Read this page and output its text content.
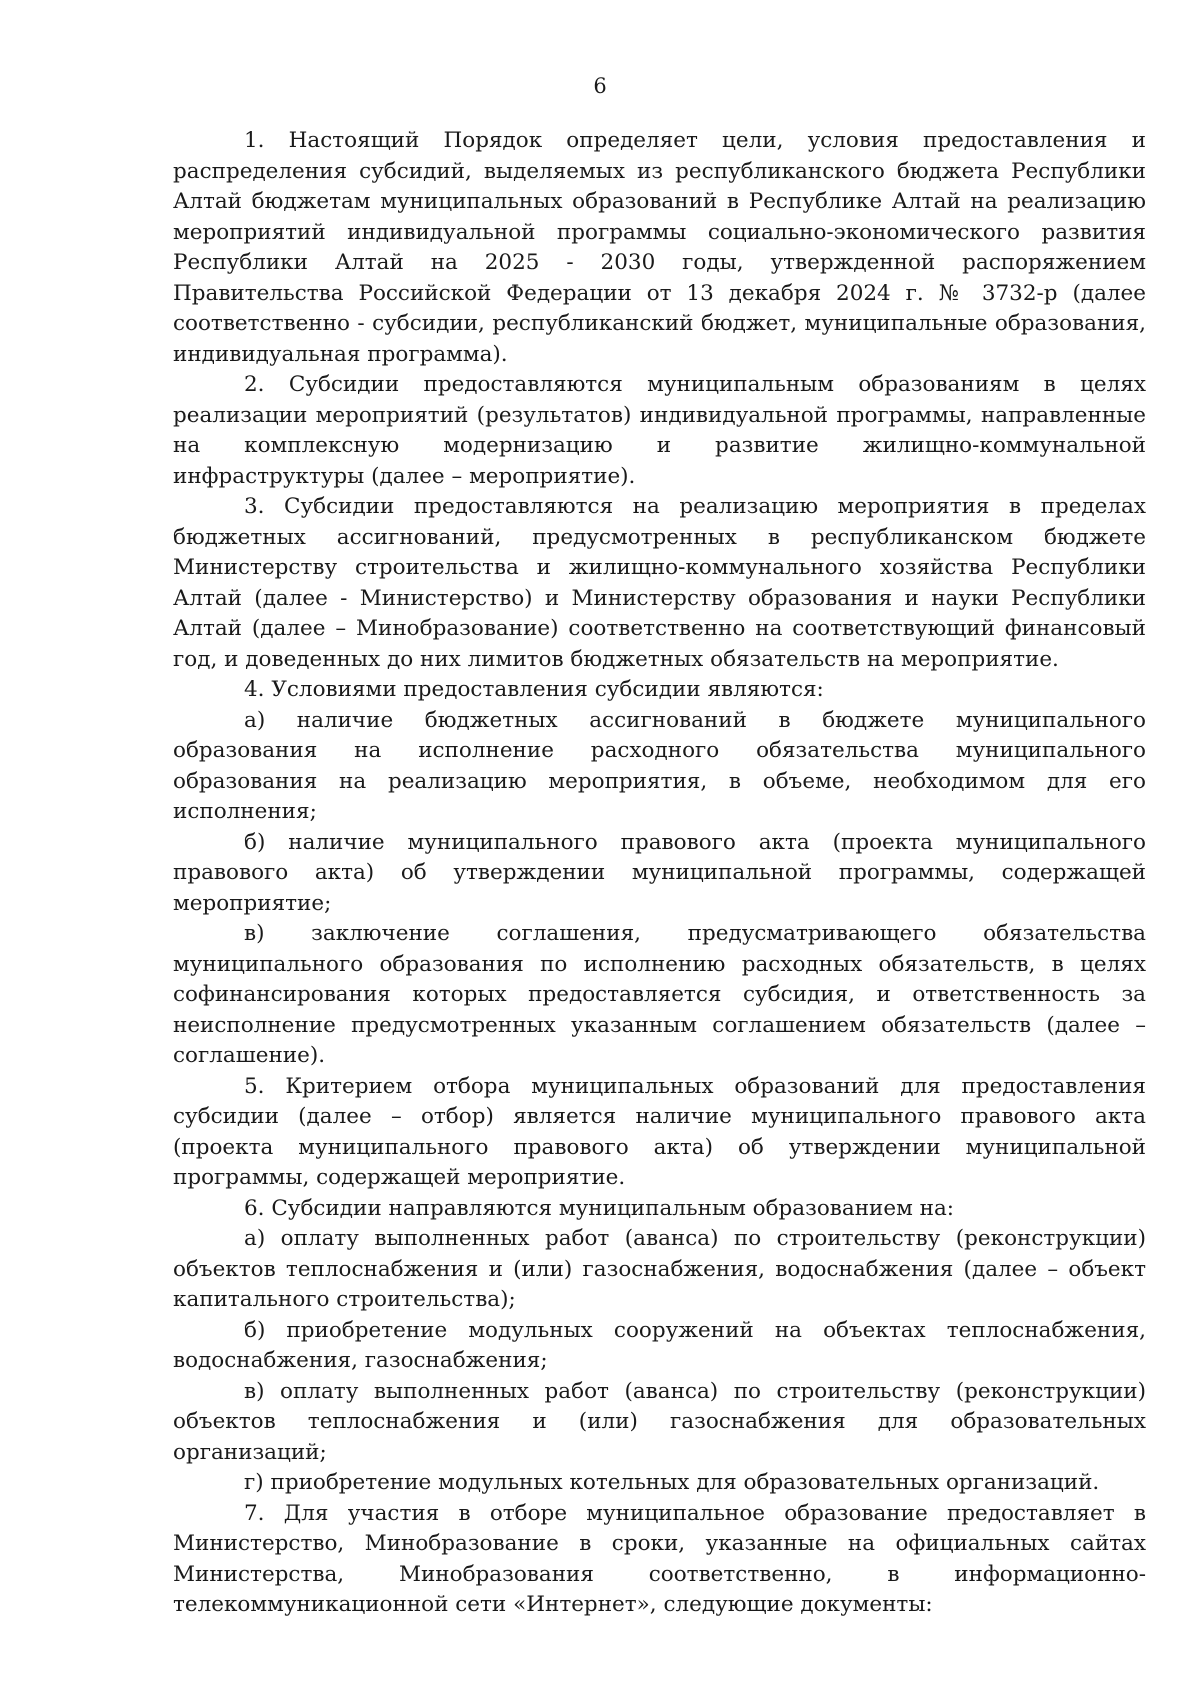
6

1. Настоящий Порядок определяет цели, условия предоставления и распределения субсидий, выделяемых из республиканского бюджета Республики Алтай бюджетам муниципальных образований в Республике Алтай на реализацию мероприятий индивидуальной программы социально-экономического развития Республики Алтай на 2025 - 2030 годы, утвержденной распоряжением Правительства Российской Федерации от 13 декабря 2024 г. № 3732-р (далее соответственно - субсидии, республиканский бюджет, муниципальные образования, индивидуальная программа).

2. Субсидии предоставляются муниципальным образованиям в целях реализации мероприятий (результатов) индивидуальной программы, направленные на комплексную модернизацию и развитие жилищно-коммунальной инфраструктуры (далее – мероприятие).

3. Субсидии предоставляются на реализацию мероприятия в пределах бюджетных ассигнований, предусмотренных в республиканском бюджете Министерству строительства и жилищно-коммунального хозяйства Республики Алтай (далее - Министерство) и Министерству образования и науки Республики Алтай (далее – Минобразование) соответственно на соответствующий финансовый год, и доведенных до них лимитов бюджетных обязательств на мероприятие.

4. Условиями предоставления субсидии являются:

а) наличие бюджетных ассигнований в бюджете муниципального образования на исполнение расходного обязательства муниципального образования на реализацию мероприятия, в объеме, необходимом для его исполнения;

б) наличие муниципального правового акта (проекта муниципального правового акта) об утверждении муниципальной программы, содержащей мероприятие;

в) заключение соглашения, предусматривающего обязательства муниципального образования по исполнению расходных обязательств, в целях софинансирования которых предоставляется субсидия, и ответственность за неисполнение предусмотренных указанным соглашением обязательств (далее – соглашение).

5. Критерием отбора муниципальных образований для предоставления субсидии (далее – отбор) является наличие муниципального правового акта (проекта муниципального правового акта) об утверждении муниципальной программы, содержащей мероприятие.

6. Субсидии направляются муниципальным образованием на:

а) оплату выполненных работ (аванса) по строительству (реконструкции) объектов теплоснабжения и (или) газоснабжения, водоснабжения (далее – объект капитального строительства);

б) приобретение модульных сооружений на объектах теплоснабжения, водоснабжения, газоснабжения;

в) оплату выполненных работ (аванса) по строительству (реконструкции) объектов теплоснабжения и (или) газоснабжения для образовательных организаций;

г) приобретение модульных котельных для образовательных организаций.

7. Для участия в отборе муниципальное образование предоставляет в Министерство, Минобразование в сроки, указанные на официальных сайтах Министерства, Минобразования соответственно, в информационно-телекоммуникационной сети «Интернет», следующие документы:
